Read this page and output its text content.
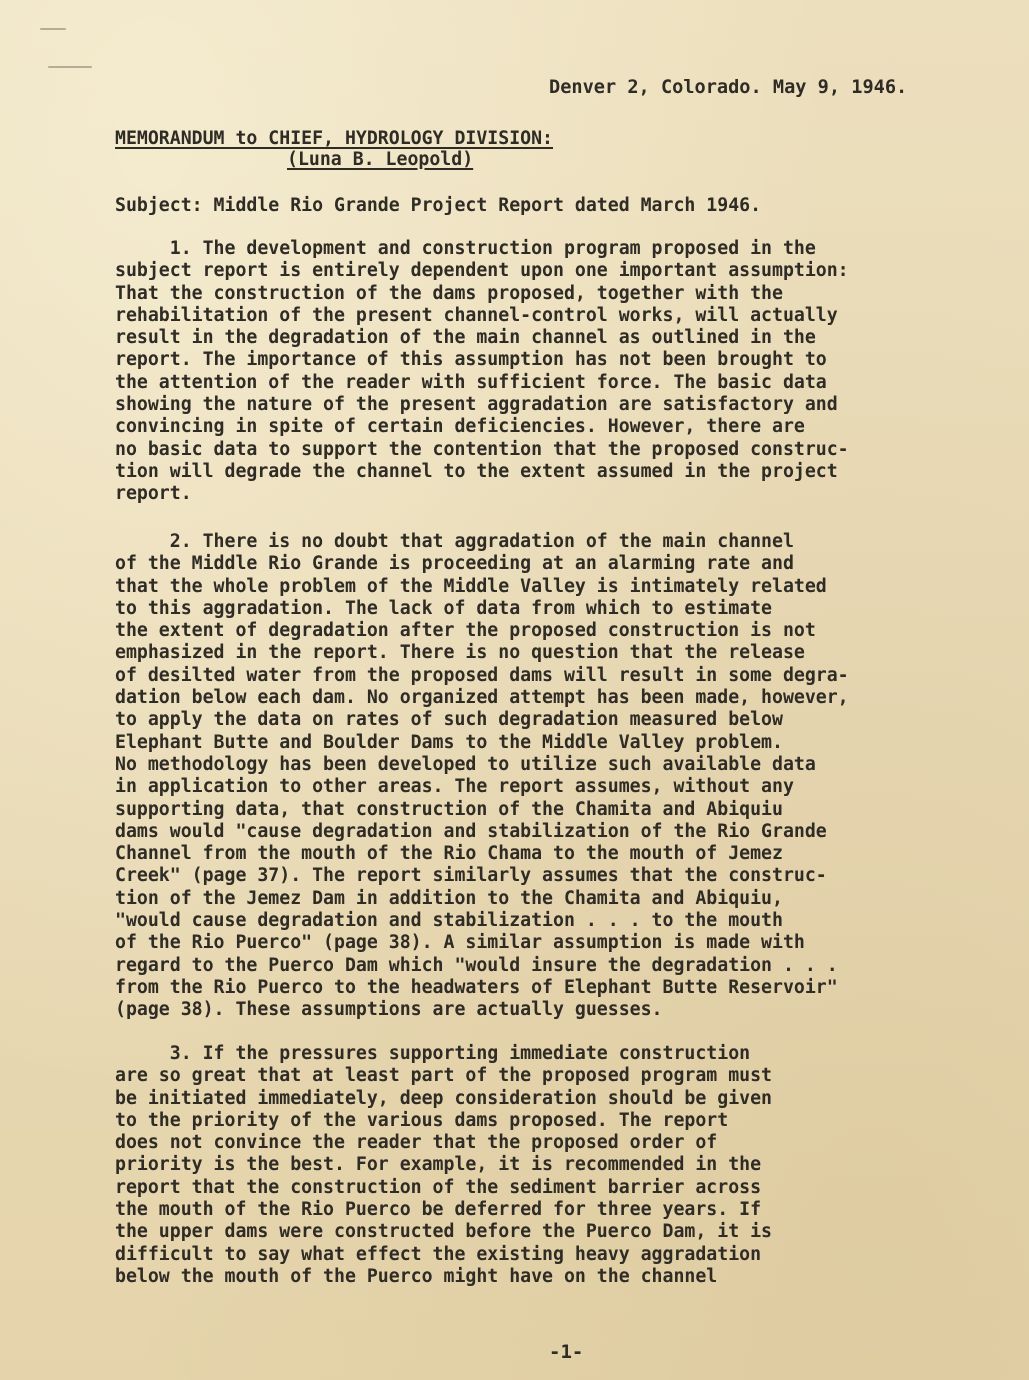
Denver 2, Colorado. May 9, 1946.
MEMORANDUM to CHIEF, HYDROLOGY DIVISION:
(Luna B. Leopold)
Subject: Middle Rio Grande Project Report dated March 1946.
1. The development and construction program proposed in the
subject report is entirely dependent upon one important assumption:
That the construction of the dams proposed, together with the
rehabilitation of the present channel-control works, will actually
result in the degradation of the main channel as outlined in the
report. The importance of this assumption has not been brought to
the attention of the reader with sufficient force. The basic data
showing the nature of the present aggradation are satisfactory and
convincing in spite of certain deficiencies. However, there are
no basic data to support the contention that the proposed construc-
tion will degrade the channel to the extent assumed in the project
report.
2. There is no doubt that aggradation of the main channel
of the Middle Rio Grande is proceeding at an alarming rate and
that the whole problem of the Middle Valley is intimately related
to this aggradation. The lack of data from which to estimate
the extent of degradation after the proposed construction is not
emphasized in the report. There is no question that the release
of desilted water from the proposed dams will result in some degra-
dation below each dam. No organized attempt has been made, however,
to apply the data on rates of such degradation measured below
Elephant Butte and Boulder Dams to the Middle Valley problem.
No methodology has been developed to utilize such available data
in application to other areas. The report assumes, without any
supporting data, that construction of the Chamita and Abiquiu
dams would "cause degradation and stabilization of the Rio Grande
Channel from the mouth of the Rio Chama to the mouth of Jemez
Creek" (page 37). The report similarly assumes that the construc-
tion of the Jemez Dam in addition to the Chamita and Abiquiu,
"would cause degradation and stabilization . . . to the mouth
of the Rio Puerco" (page 38). A similar assumption is made with
regard to the Puerco Dam which "would insure the degradation . . .
from the Rio Puerco to the headwaters of Elephant Butte Reservoir"
(page 38). These assumptions are actually guesses.
3. If the pressures supporting immediate construction
are so great that at least part of the proposed program must
be initiated immediately, deep consideration should be given
to the priority of the various dams proposed. The report
does not convince the reader that the proposed order of
priority is the best. For example, it is recommended in the
report that the construction of the sediment barrier across
the mouth of the Rio Puerco be deferred for three years. If
the upper dams were constructed before the Puerco Dam, it is
difficult to say what effect the existing heavy aggradation
below the mouth of the Puerco might have on the channel
-1-
